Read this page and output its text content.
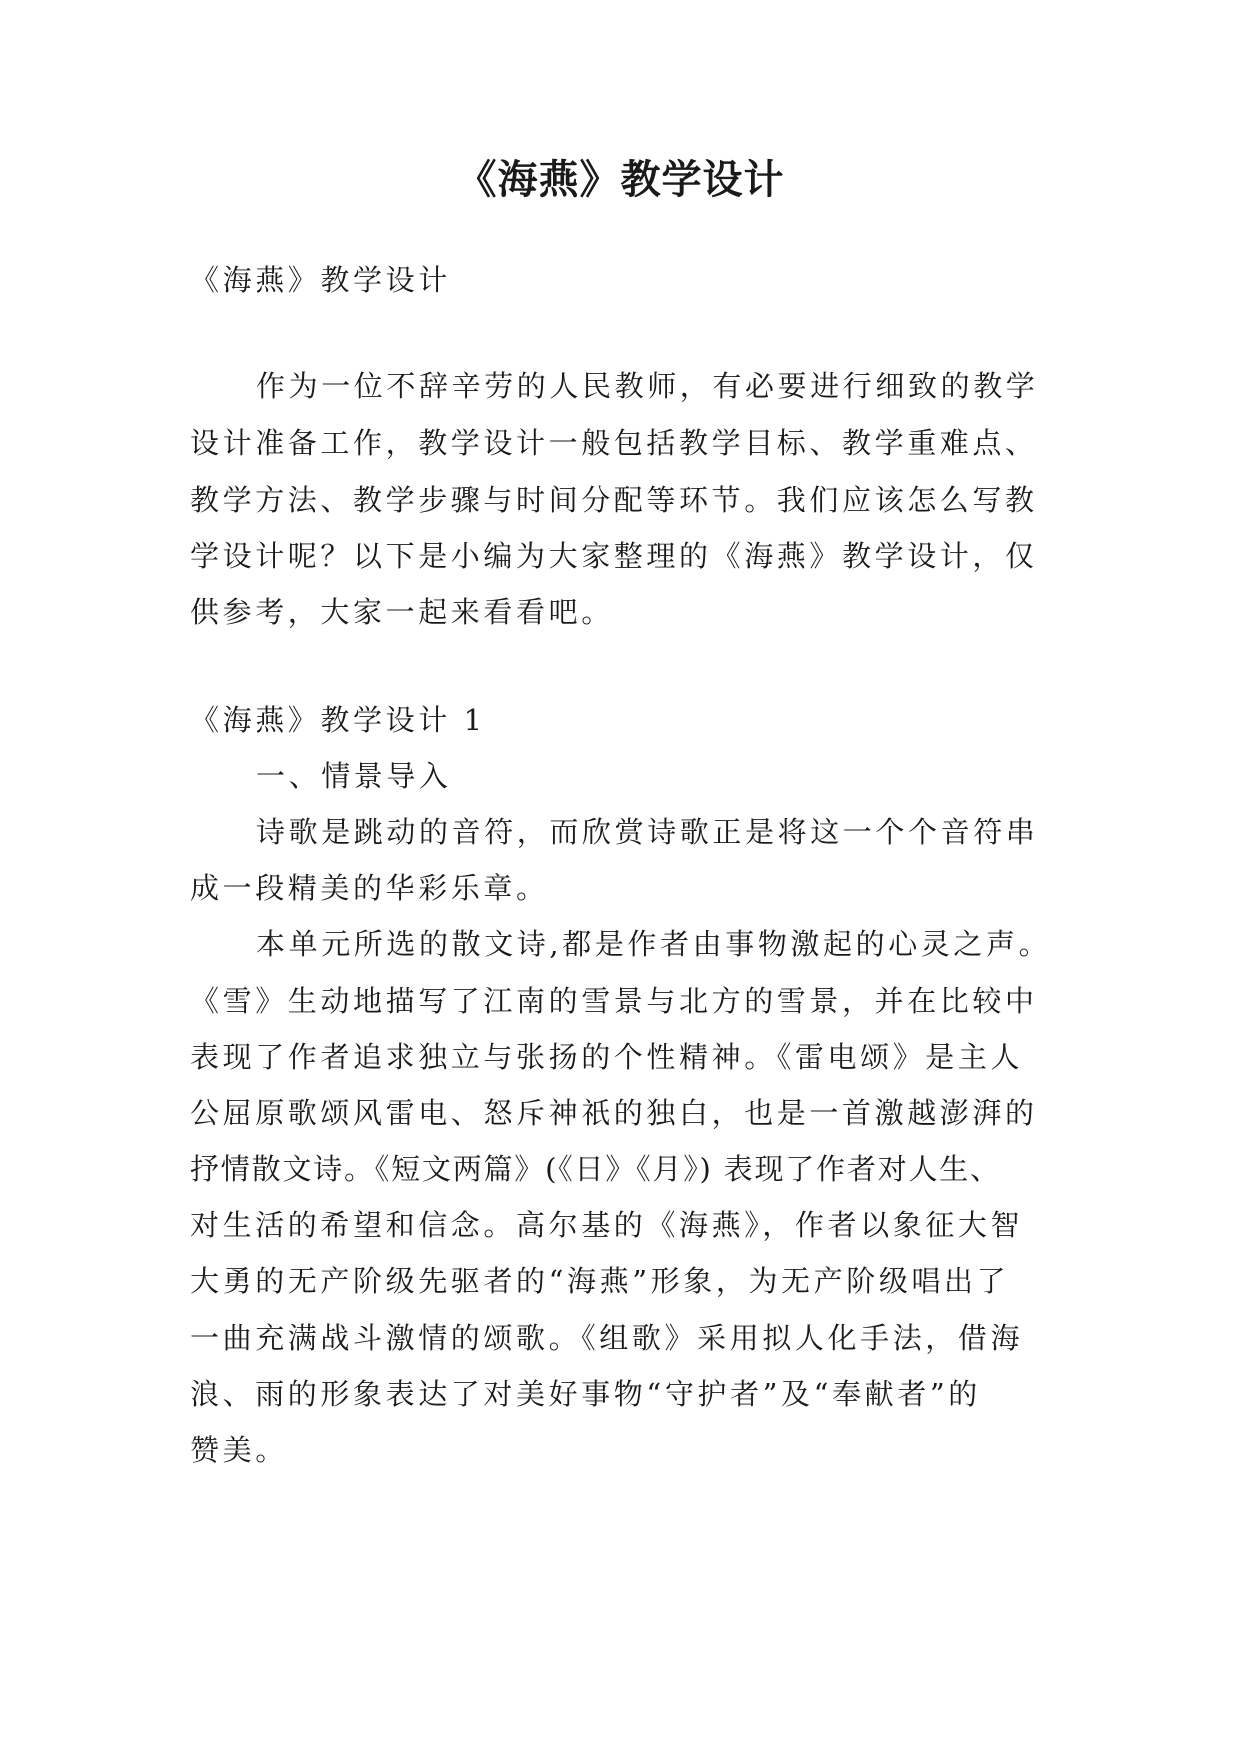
《海燕》教学设计
《海燕》教学设计
作为一位不辞辛劳的人民教师，有必要进行细致的教学
设计准备工作，教学设计一般包括教学目标、教学重难点、
教学方法、教学步骤与时间分配等环节。我们应该怎么写教
学设计呢？以下是小编为大家整理的《海燕》教学设计，仅
供参考，大家一起来看看吧。
《海燕》教学设计 1
一、情景导入
诗歌是跳动的音符，而欣赏诗歌正是将这一个个音符串
成一段精美的华彩乐章。
本单元所选的散文诗,都是作者由事物激起的心灵之声。
《雪》生动地描写了江南的雪景与北方的雪景，并在比较中
表现了作者追求独立与张扬的个性精神。《雷电颂》是主人
公屈原歌颂风雷电、怒斥神祇的独白，也是一首激越澎湃的
抒情散文诗。《短文两篇》(《日》《月》) 表现了作者对人生、
对生活的希望和信念。高尔基的《海燕》，作者以象征大智
大勇的无产阶级先驱者的“海燕”形象，为无产阶级唱出了
一曲充满战斗激情的颂歌。《组歌》采用拟人化手法，借海
浪、雨的形象表达了对美好事物“守护者”及“奉献者”的
赞美。
